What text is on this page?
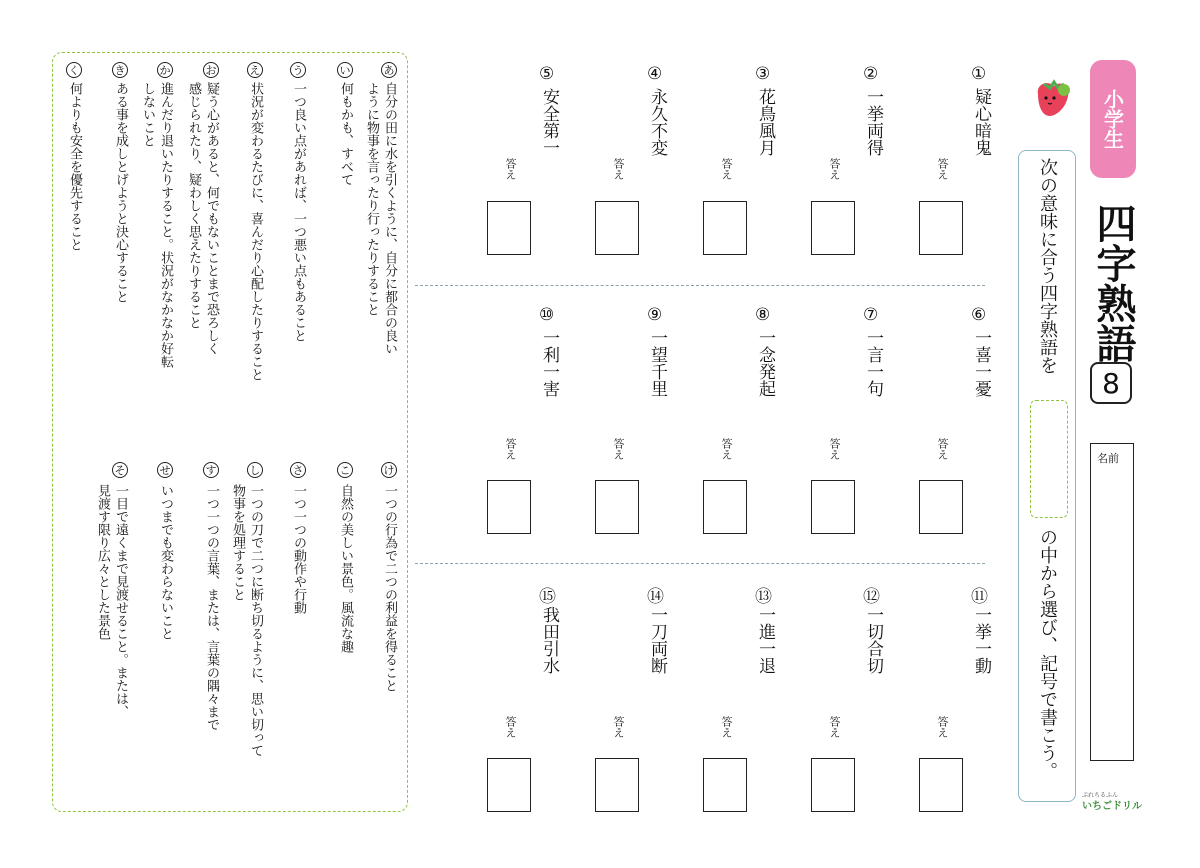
小学生
四字熟語
8
名前
ぷれちるふん
いちごドリル
次の意味に合う四字熟語を
の中から選び、記号で書こう。
①
疑心暗鬼
答え
②
一挙両得
答え
③
花鳥風月
答え
④
永久不変
答え
⑤
安全第一
答え
⑥
一喜一憂
答え
⑦
一言一句
答え
⑧
一念発起
答え
⑨
一望千里
答え
⑩
一利一害
答え
⑪
一挙一動
答え
⑫
一切合切
答え
⑬
一進一退
答え
⑭
一刀両断
答え
⑮
我田引水
答え
あ
自分の田に水を引くように、自分に都合の良い
ように物事を言ったり行ったりすること
い
何もかも、すべて
う
一つ良い点があれば、一つ悪い点もあること
え
状況が変わるたびに、喜んだり心配したりすること
お
疑う心があると、何でもないことまで恐ろしく
感じられたり、疑わしく思えたりすること
か
進んだり退いたりすること。状況がなかなか好転
しないこと
き
ある事を成しとげようと決心すること
く
何よりも安全を優先すること
け
一つの行為で二つの利益を得ること
こ
自然の美しい景色。風流な趣
さ
一つ一つの動作や行動
し
一つの刀で二つに断ち切るように、思い切って
物事を処理すること
す
一つ一つの言葉、または、言葉の隅々まで
せ
いつまでも変わらないこと
そ
一目で遠くまで見渡せること。または、
見渡す限り広々とした景色
